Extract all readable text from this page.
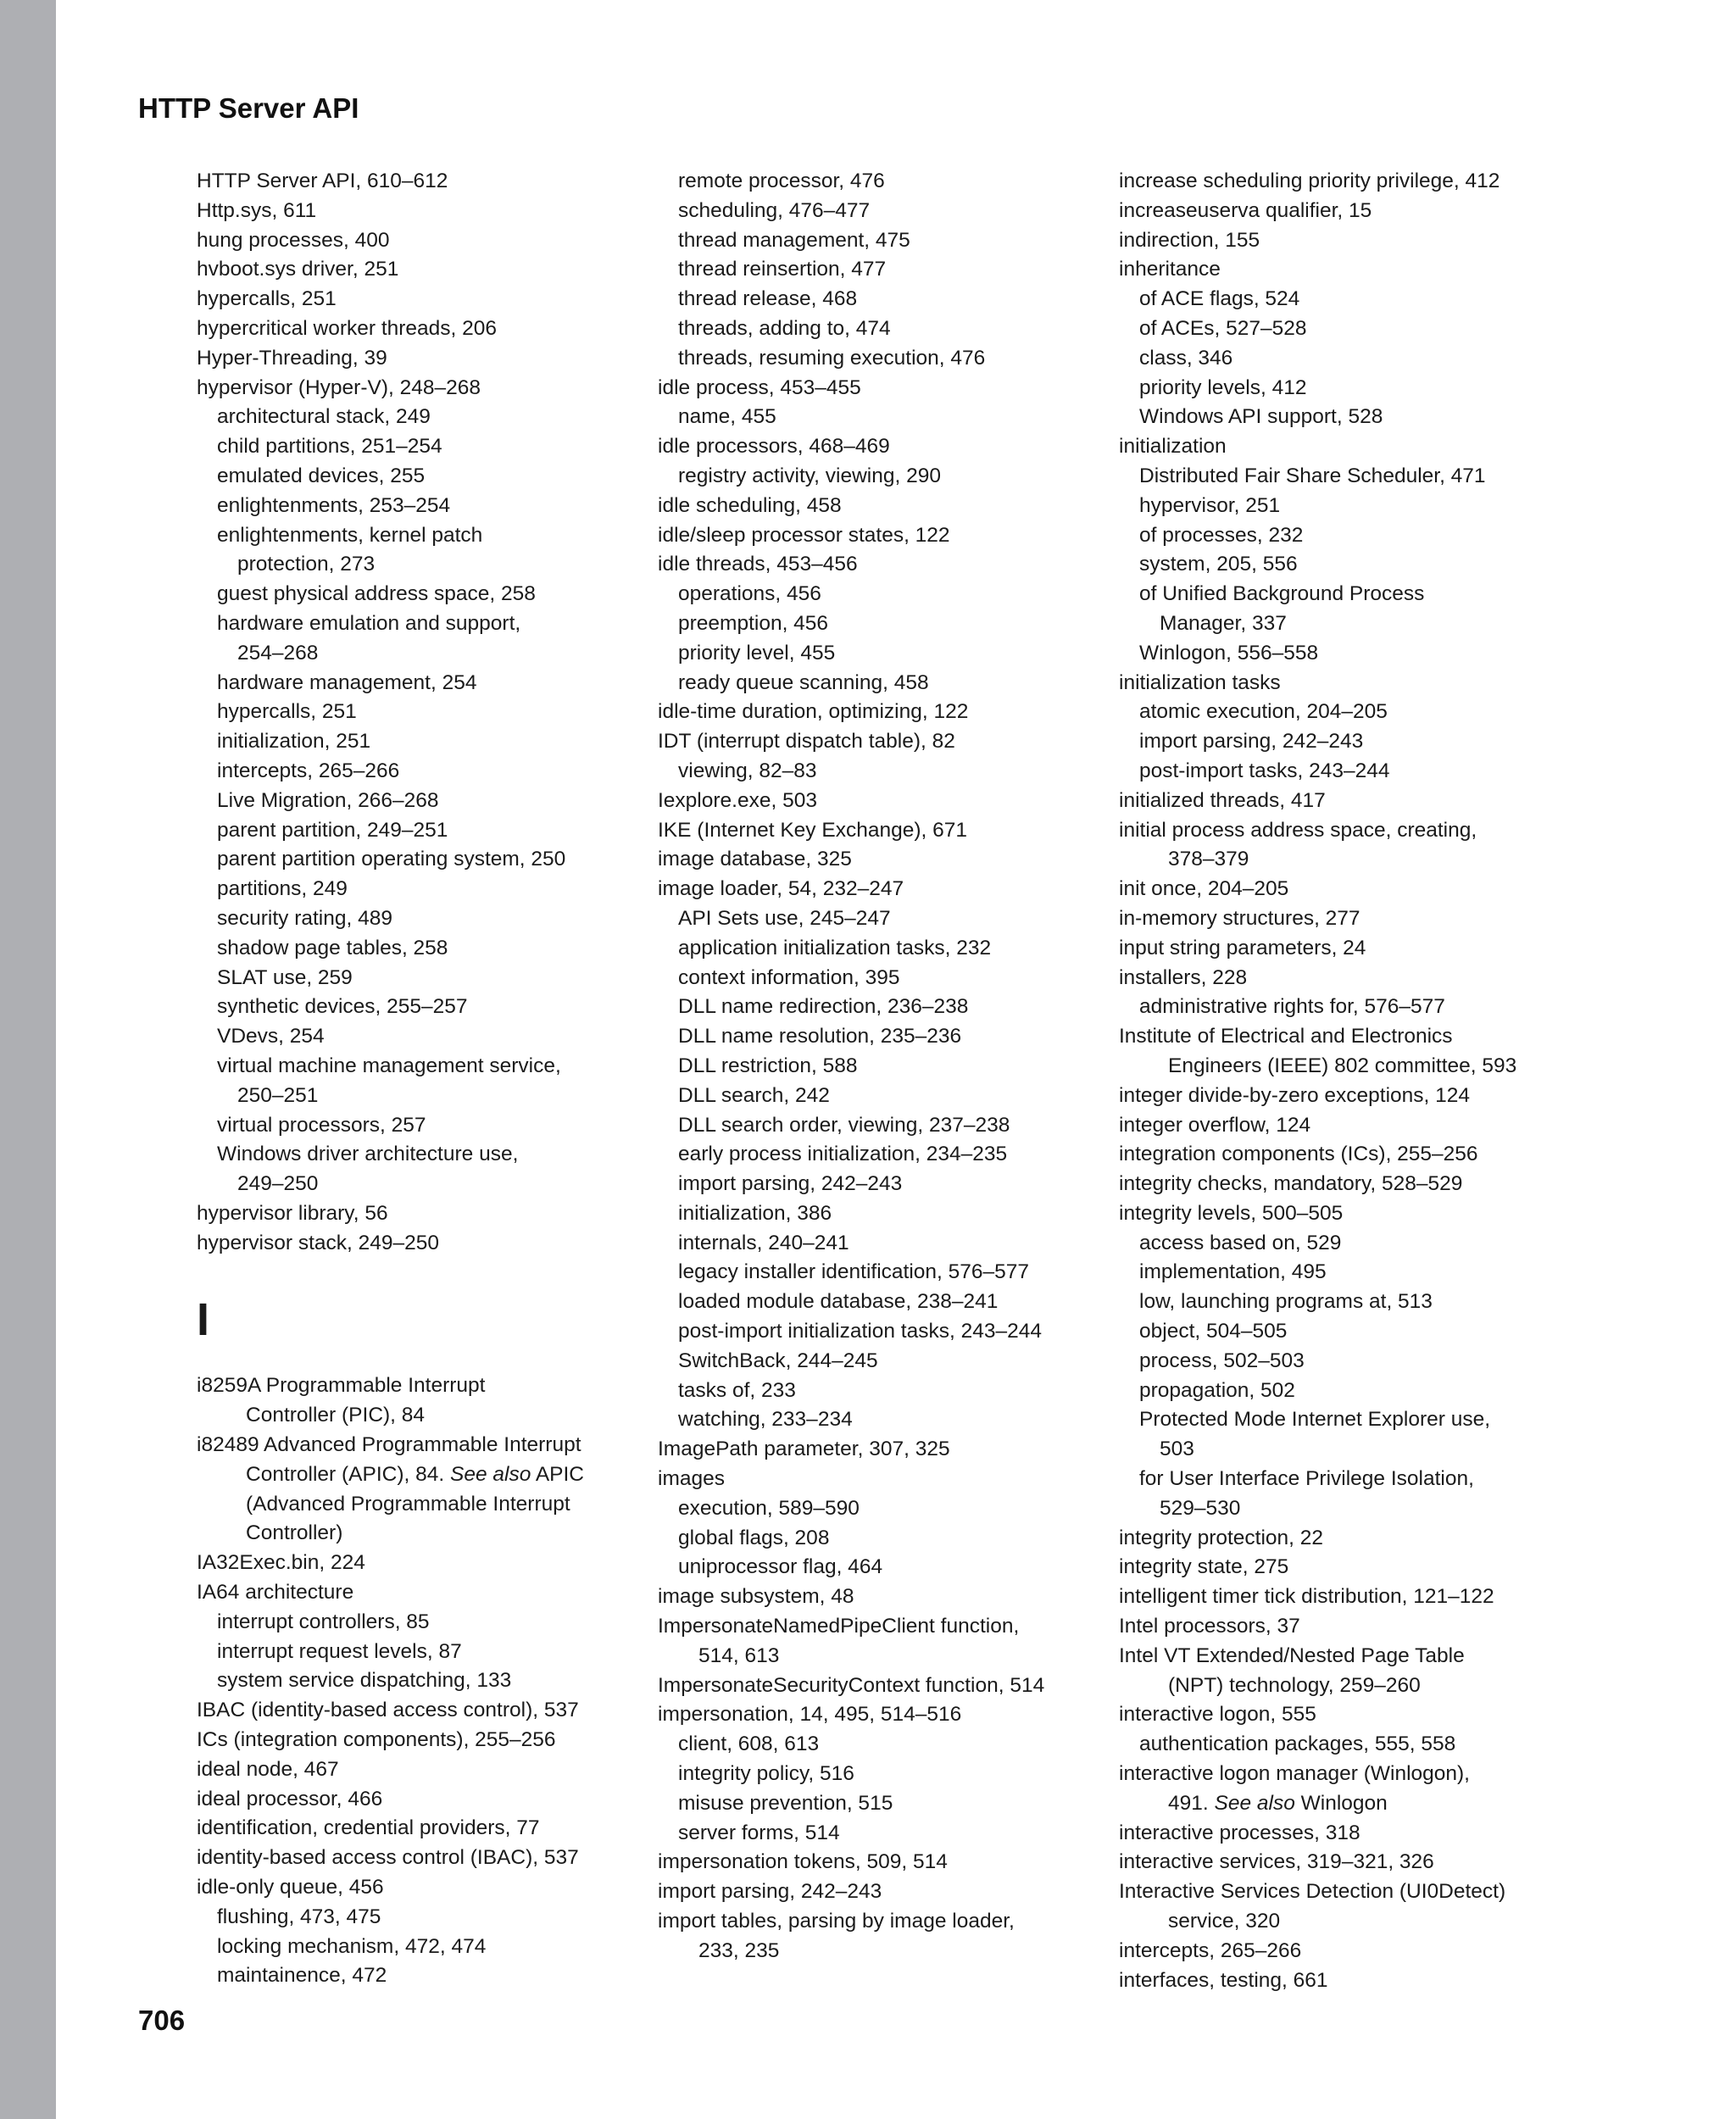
HTTP Server API
HTTP Server API, 610–612
Http.sys, 611
hung processes, 400
hvboot.sys driver, 251
hypercalls, 251
hypercritical worker threads, 206
Hyper-Threading, 39
hypervisor (Hyper-V), 248–268
architectural stack, 249
child partitions, 251–254
emulated devices, 255
enlightenments, 253–254
enlightenments, kernel patch
protection, 273
guest physical address space, 258
hardware emulation and support,
254–268
hardware management, 254
hypercalls, 251
initialization, 251
intercepts, 265–266
Live Migration, 266–268
parent partition, 249–251
parent partition operating system, 250
partitions, 249
security rating, 489
shadow page tables, 258
SLAT use, 259
synthetic devices, 255–257
VDevs, 254
virtual machine management service,
250–251
virtual processors, 257
Windows driver architecture use,
249–250
hypervisor library, 56
hypervisor stack, 249–250
I
i8259A Programmable Interrupt
Controller (PIC), 84
i82489 Advanced Programmable Interrupt
Controller (APIC), 84. See also APIC
(Advanced Programmable Interrupt
Controller)
IA32Exec.bin, 224
IA64 architecture
interrupt controllers, 85
interrupt request levels, 87
system service dispatching, 133
IBAC (identity-based access control), 537
ICs (integration components), 255–256
ideal node, 467
ideal processor, 466
identification, credential providers, 77
identity-based access control (IBAC), 537
idle-only queue, 456
flushing, 473, 475
locking mechanism, 472, 474
maintainence, 472
remote processor, 476
scheduling, 476–477
thread management, 475
thread reinsertion, 477
thread release, 468
threads, adding to, 474
threads, resuming execution, 476
idle process, 453–455
name, 455
idle processors, 468–469
registry activity, viewing, 290
idle scheduling, 458
idle/sleep processor states, 122
idle threads, 453–456
operations, 456
preemption, 456
priority level, 455
ready queue scanning, 458
idle-time duration, optimizing, 122
IDT (interrupt dispatch table), 82
viewing, 82–83
Iexplore.exe, 503
IKE (Internet Key Exchange), 671
image database, 325
image loader, 54, 232–247
API Sets use, 245–247
application initialization tasks, 232
context information, 395
DLL name redirection, 236–238
DLL name resolution, 235–236
DLL restriction, 588
DLL search, 242
DLL search order, viewing, 237–238
early process initialization, 234–235
import parsing, 242–243
initialization, 386
internals, 240–241
legacy installer identification, 576–577
loaded module database, 238–241
post-import initialization tasks, 243–244
SwitchBack, 244–245
tasks of, 233
watching, 233–234
ImagePath parameter, 307, 325
images
execution, 589–590
global flags, 208
uniprocessor flag, 464
image subsystem, 48
ImpersonateNamedPipeClient function,
514, 613
ImpersonateSecurityContext function, 514
impersonation, 14, 495, 514–516
client, 608, 613
integrity policy, 516
misuse prevention, 515
server forms, 514
impersonation tokens, 509, 514
import parsing, 242–243
import tables, parsing by image loader,
233, 235
increase scheduling priority privilege, 412
increaseuserva qualifier, 15
indirection, 155
inheritance
of ACE flags, 524
of ACEs, 527–528
class, 346
priority levels, 412
Windows API support, 528
initialization
Distributed Fair Share Scheduler, 471
hypervisor, 251
of processes, 232
system, 205, 556
of Unified Background Process
Manager, 337
Winlogon, 556–558
initialization tasks
atomic execution, 204–205
import parsing, 242–243
post-import tasks, 243–244
initialized threads, 417
initial process address space, creating,
378–379
init once, 204–205
in-memory structures, 277
input string parameters, 24
installers, 228
administrative rights for, 576–577
Institute of Electrical and Electronics
Engineers (IEEE) 802 committee, 593
integer divide-by-zero exceptions, 124
integer overflow, 124
integration components (ICs), 255–256
integrity checks, mandatory, 528–529
integrity levels, 500–505
access based on, 529
implementation, 495
low, launching programs at, 513
object, 504–505
process, 502–503
propagation, 502
Protected Mode Internet Explorer use,
503
for User Interface Privilege Isolation,
529–530
integrity protection, 22
integrity state, 275
intelligent timer tick distribution, 121–122
Intel processors, 37
Intel VT Extended/Nested Page Table
(NPT) technology, 259–260
interactive logon, 555
authentication packages, 555, 558
interactive logon manager (Winlogon),
491. See also Winlogon
interactive processes, 318
interactive services, 319–321, 326
Interactive Services Detection (UI0Detect)
service, 320
intercepts, 265–266
interfaces, testing, 661
706
